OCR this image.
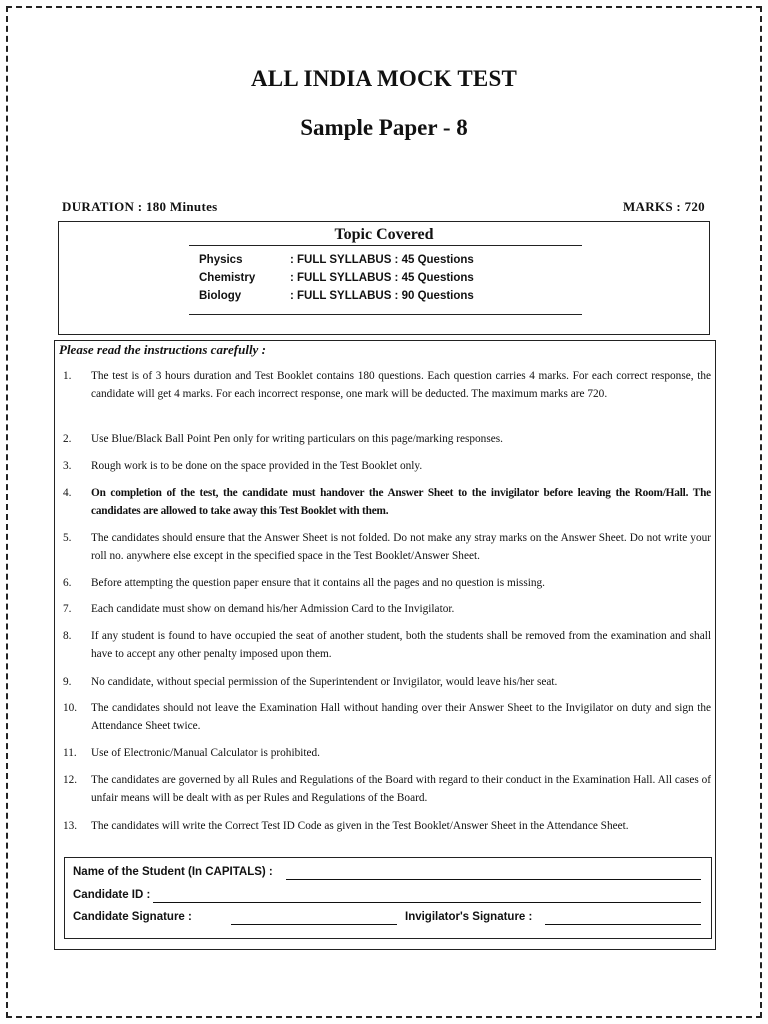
ALL INDIA MOCK TEST
Sample Paper - 8
DURATION : 180 Minutes	MARKS : 720
Topic Covered
Physics	: FULL SYLLABUS : 45 Questions
Chemistry	: FULL SYLLABUS : 45 Questions
Biology	: FULL SYLLABUS : 90 Questions
Please read the instructions carefully :
1. The test is of 3 hours duration and Test Booklet contains 180 questions. Each question carries 4 marks. For each correct response, the candidate will get 4 marks. For each incorrect response, one mark will be deducted. The maximum marks are 720.
2. Use Blue/Black Ball Point Pen only for writing particulars on this page/marking responses.
3. Rough work is to be done on the space provided in the Test Booklet only.
4. On completion of the test, the candidate must handover the Answer Sheet to the invigilator before leaving the Room/Hall. The candidates are allowed to take away this Test Booklet with them.
5. The candidates should ensure that the Answer Sheet is not folded. Do not make any stray marks on the Answer Sheet. Do not write your roll no. anywhere else except in the specified space in the Test Booklet/Answer Sheet.
6. Before attempting the question paper ensure that it contains all the pages and no question is missing.
7. Each candidate must show on demand his/her Admission Card to the Invigilator.
8. If any student is found to have occupied the seat of another student, both the students shall be removed from the examination and shall have to accept any other penalty imposed upon them.
9. No candidate, without special permission of the Superintendent or Invigilator, would leave his/her seat.
10. The candidates should not leave the Examination Hall without handing over their Answer Sheet to the Invigilator on duty and sign the Attendance Sheet twice.
11. Use of Electronic/Manual Calculator is prohibited.
12. The candidates are governed by all Rules and Regulations of the Board with regard to their conduct in the Examination Hall. All cases of unfair means will be dealt with as per Rules and Regulations of the Board.
13. The candidates will write the Correct Test ID Code as given in the Test Booklet/Answer Sheet in the Attendance Sheet.
Name of the Student (In CAPITALS) :
Candidate ID :
Candidate Signature :	Invigilator's Signature :
